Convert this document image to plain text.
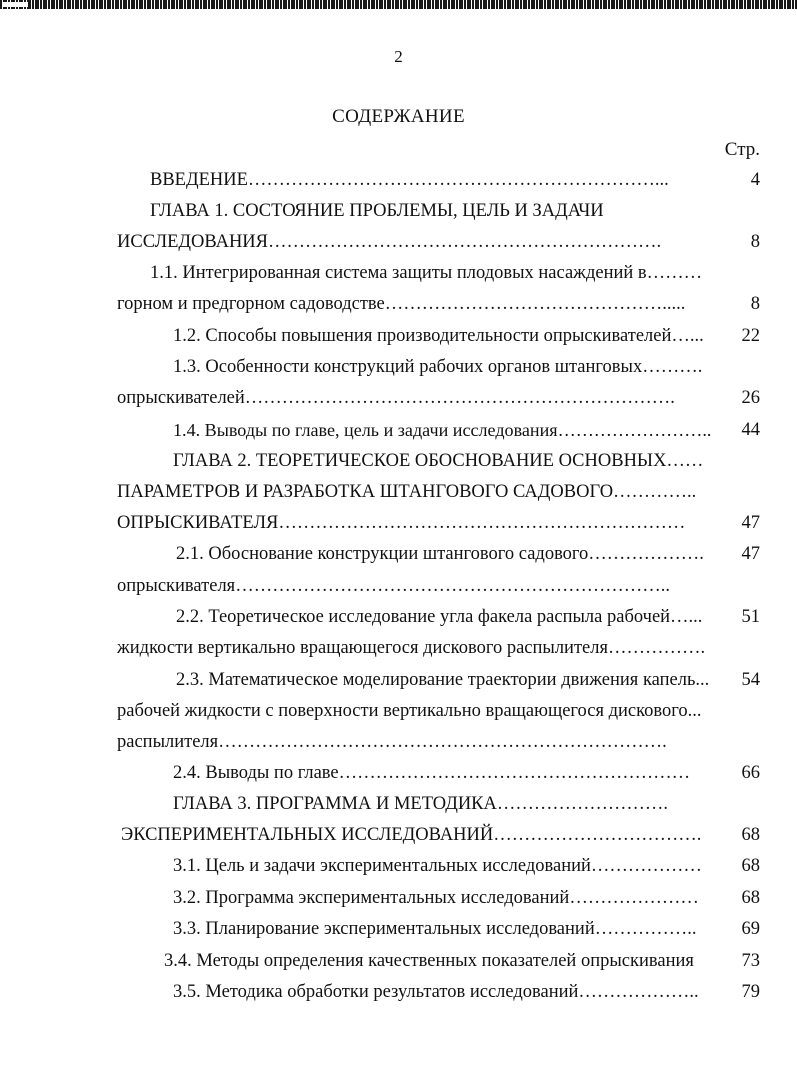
2
СОДЕРЖАНИЕ
Стр.
ВВЕДЕНИЕ…………………………………………………………...
ГЛАВА 1. СОСТОЯНИЕ ПРОБЛЕМЫ, ЦЕЛЬ И ЗАДАЧИ
ИССЛЕДОВАНИЯ……………………………………………………….
1.1. Интегрированная система защиты плодовых насаждений в………
горном и предгорном садоводстве……………………………………….....
1.2. Способы повышения производительности опрыскивателей…...
1.3. Особенности конструкций рабочих органов штанговых……….
опрыскивателей…………………………………………………………….
1.4. Выводы по главе, цель и задачи исследования……………………..
ГЛАВА 2. ТЕОРЕТИЧЕСКОЕ ОБОСНОВАНИЕ ОСНОВНЫХ……
ПАРАМЕТРОВ И РАЗРАБОТКА ШТАНГОВОГО САДОВОГО…………..
ОПРЫСКИВАТЕЛЯ…………………………………………………………
2.1. Обоснование конструкции штангового садового……………….
опрыскивателя……………………………………………………………..
2.2. Теоретическое исследование угла факела распыла рабочей…...
жидкости вертикально вращающегося дискового распылителя…………….
2.3. Математическое моделирование траектории движения капель...
рабочей жидкости с поверхности вертикально вращающегося дискового...
распылителя……………………………………………………………….
2.4. Выводы по главе…………………………………………………
ГЛАВА 3. ПРОГРАММА И МЕТОДИКА……………………….
ЭКСПЕРИМЕНТАЛЬНЫХ ИССЛЕДОВАНИЙ…………………………….
3.1. Цель и задачи экспериментальных исследований………………
3.2. Программа экспериментальных исследований…………………
3.3. Планирование экспериментальных исследований……………..
3.4. Методы определения качественных показателей опрыскивания
3.5. Методика обработки результатов исследований………………..
4
8
8
22
26
44
47
47
51
54
66
68
68
68
69
73
79
